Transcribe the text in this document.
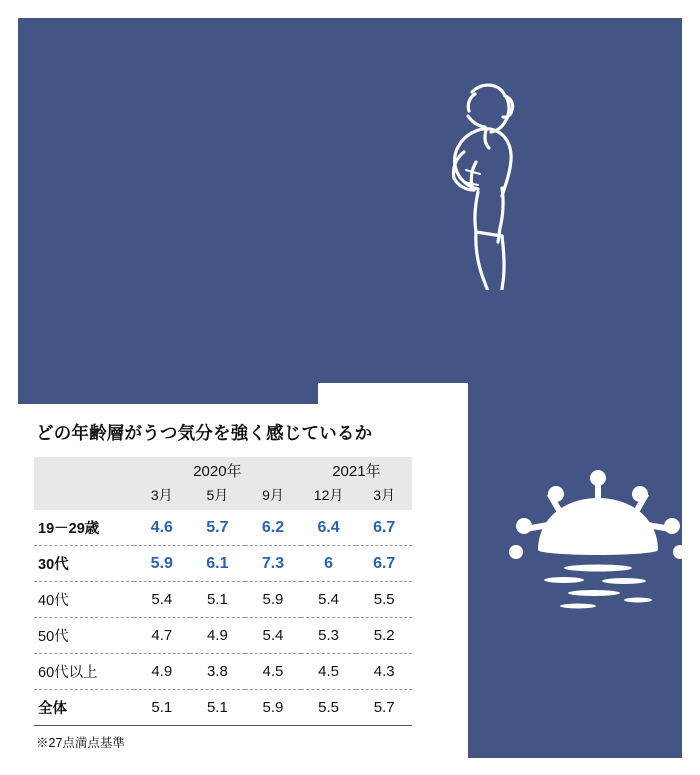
どの年齢層がうつ気分を強く感じているか
	2020年			2021年	
	3月	5月	9月	12月	3月
19－29歳	4.6	5.7	6.2	6.4	6.7
30代	5.9	6.1	7.3	6	6.7
40代	5.4	5.1	5.9	5.4	5.5
50代	4.7	4.9	5.4	5.3	5.2
60代以上	4.9	3.8	4.5	4.5	4.3
全体	5.1	5.1	5.9	5.5	5.7
※27点満点基準
